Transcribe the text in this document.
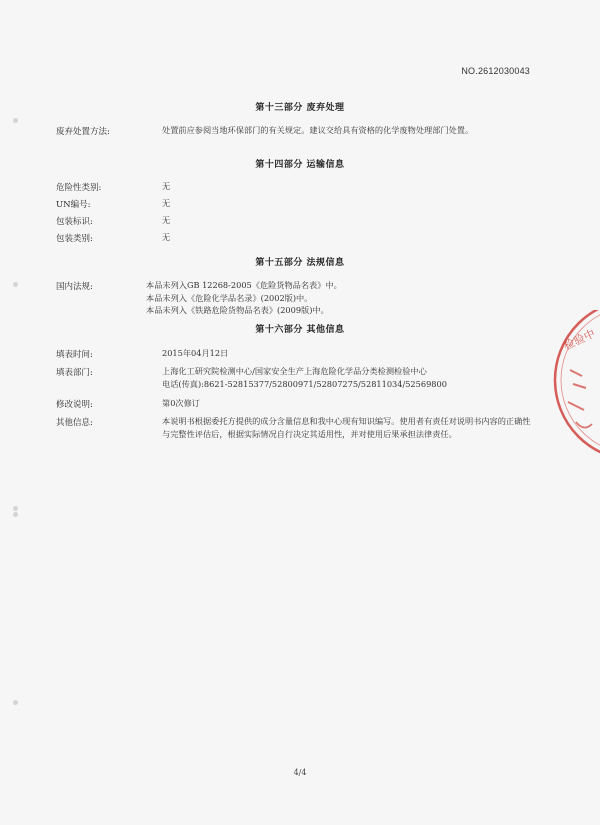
NO.2612030043
第十三部分 废弃处理
废弃处置方法:	处置前应参阅当地环保部门的有关规定。建议交给具有资格的化学废物处理部门处置。
第十四部分 运输信息
危险性类别:	无
UN编号:	无
包装标识:	无
包装类别:	无
第十五部分 法规信息
国内法规:	本品未列入GB 12268-2005《危险货物品名表》中。
本品未列入《危险化学品名录》(2002版)中。
本品未列入《铁路危险货物品名表》(2009版)中。
第十六部分 其他信息
填表时间:	2015年04月12日
填表部门:	上海化工研究院检测中心/国家安全生产上海危险化学品分类检测检验中心
电话(传真):8621-52815377/52800971/52807275/52811034/52569800
修改说明:	第0次修订
其他信息:	本说明书根据委托方提供的成分含量信息和我中心现有知识编写。使用者有责任对说明书内容的正确性与完整性评估后，根据实际情况自行决定其适用性，并对使用后果承担法律责任。
4/4
检验中
